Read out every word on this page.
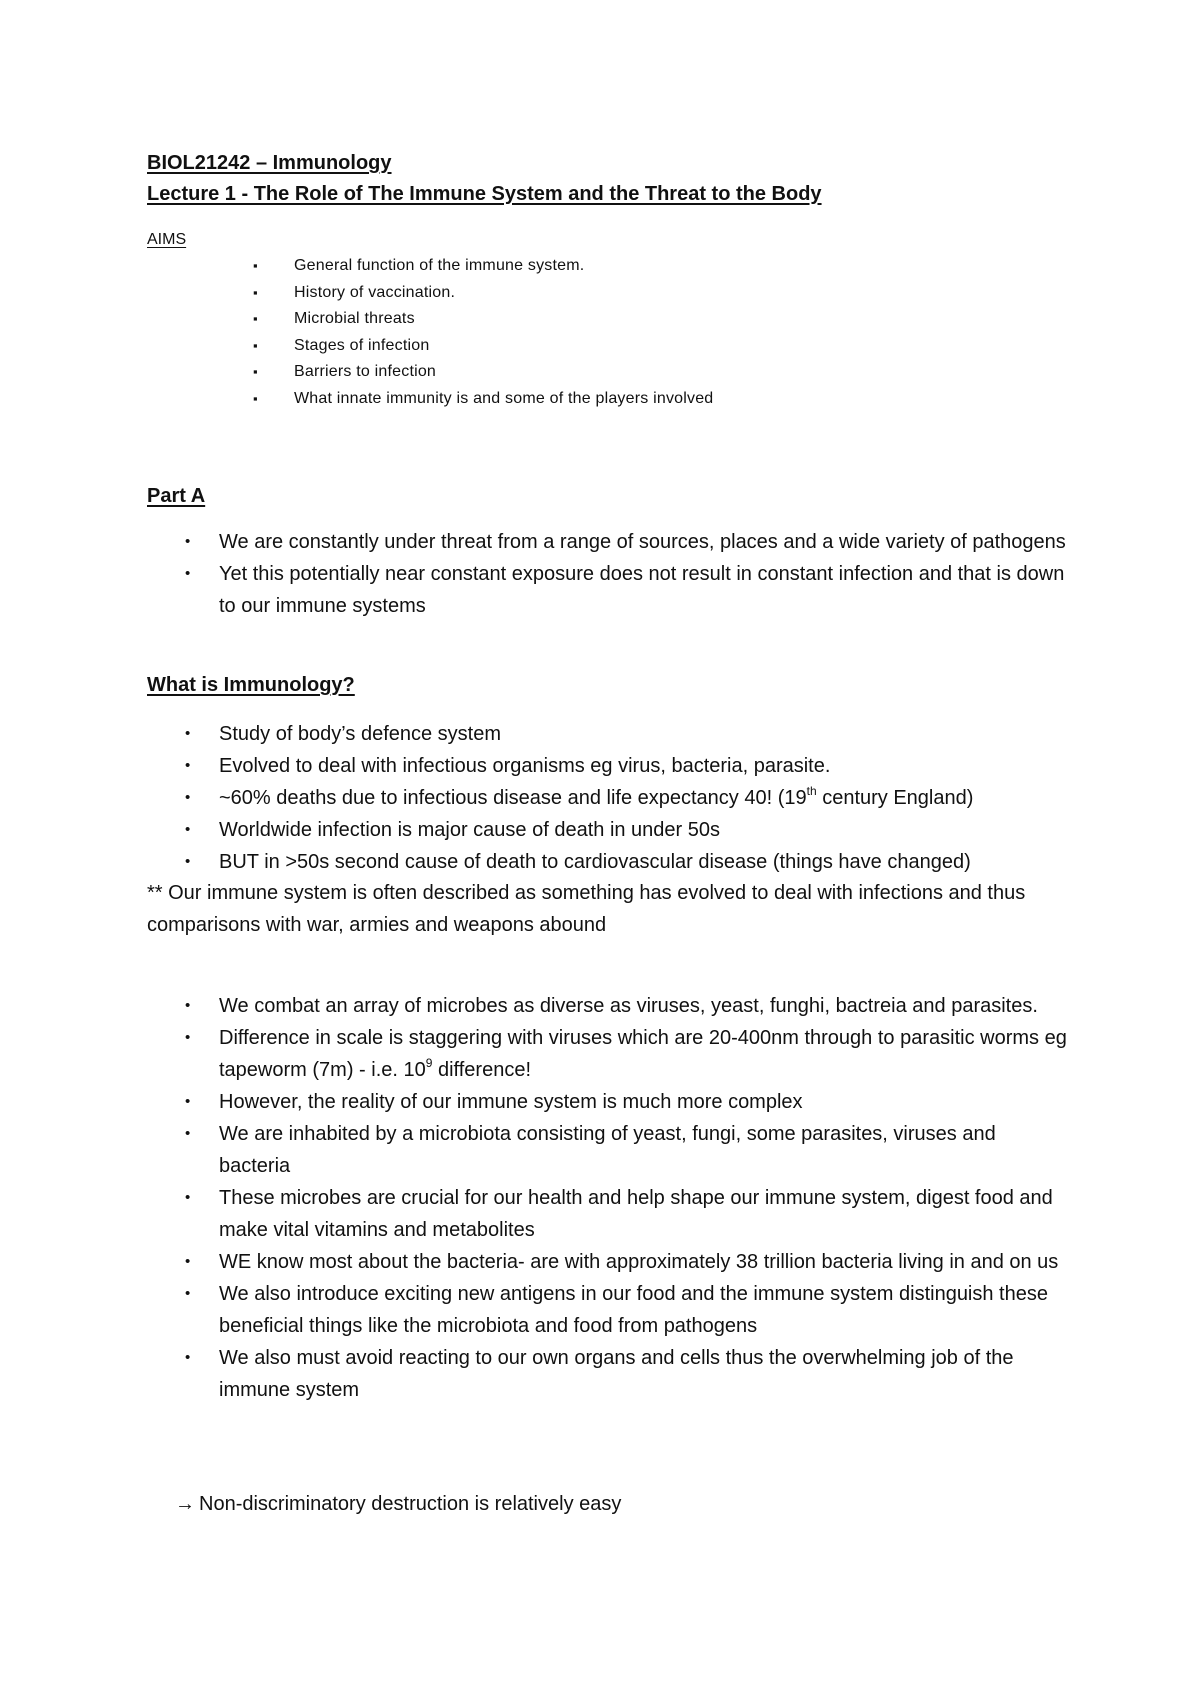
BIOL21242 – Immunology
Lecture 1 - The Role of The Immune System and the Threat to the Body

AIMS

▪ General function of the immune system.
▪ History of vaccination.
▪ Microbial threats
▪ Stages of infection
▪ Barriers to infection
▪ What innate immunity is and some of the players involved
Part A
• We are constantly under threat from a range of sources, places and a wide variety of pathogens
• Yet this potentially near constant exposure does not result in constant infection and that is down to our immune systems
What is Immunology?
• Study of body’s defence system
• Evolved to deal with infectious organisms eg virus, bacteria, parasite.
• ~60% deaths due to infectious disease and life expectancy 40! (19th century England)
• Worldwide infection is major cause of death in under 50s
• BUT in >50s second cause of death to cardiovascular disease (things have changed)

** Our immune system is often described as something has evolved to deal with infections and thus comparisons with war, armies and weapons abound

• We combat an array of microbes as diverse as viruses, yeast, funghi, bactreia and parasites.
• Difference in scale is staggering with viruses which are 20-400nm through to parasitic worms eg tapeworm (7m) - i.e. $10^9$ difference!
• However, the reality of our immune system is much more complex
• We are inhabited by a microbiota consisting of yeast, fungi, some parasites, viruses and bacteria
• These microbes are crucial for our health and help shape our immune system, digest food and make vital vitamins and metabolites
• WE know most about the bacteria- are with approximately 38 trillion bacteria living in and on us
• We also introduce exciting new antigens in our food and the immune system distinguish these beneficial things like the microbiota and food from pathogens
• We also must avoid reacting to our own organs and cells thus the overwhelming job of the immune system

→ Non-discriminatory destruction is relatively easy
